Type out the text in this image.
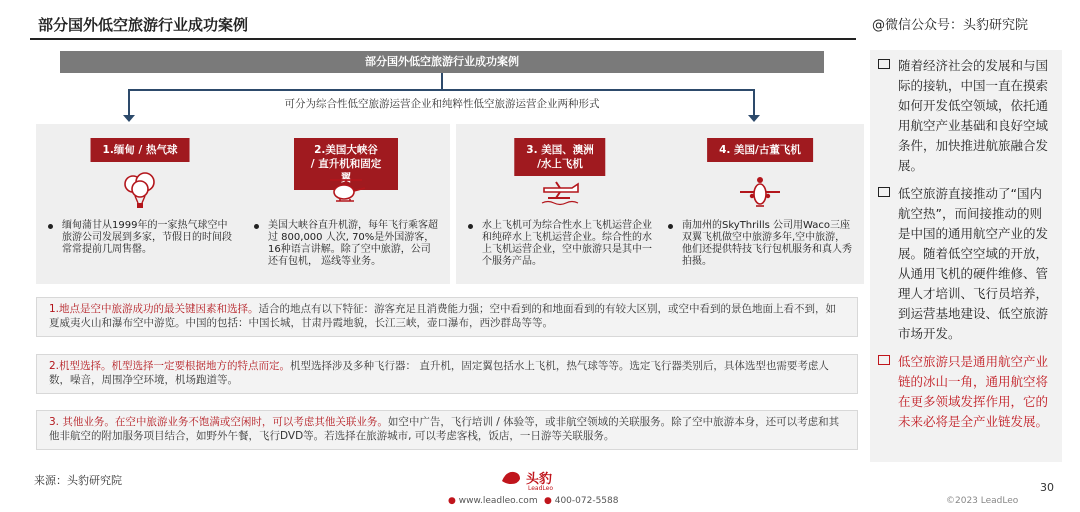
部分国外低空旅游行业成功案例	@微信公众号：头豹研究院
部分国外低空旅游行业成功案例
可分为综合性低空旅游运营企业和纯粹性低空旅游运营企业两种形式
1.缅甸 / 热气球
缅甸蒲甘从1999年的一家热气球空中旅游公司发展到多家，节假日的时间段常常提前几周售罄。
2.美国大峡谷
/ 直升机和固定翼
美国大峡谷直升机游，每年飞行乘客超过 800,000 人次, 70%是外国游客，16种语言讲解。除了空中旅游，公司还有包机， 巡线等业务。
3. 美国、澳洲
/水上飞机
水上飞机可为综合性水上飞机运营企业和纯碎水上飞机运营企业。综合性的水上飞机运营企业，空中旅游只是其中一个服务产品。
4. 美国/古董飞机
南加州的SkyThrills 公司用Waco三座双翼飞机做空中旅游多年,空中旅游，他们还提供特技飞行包机服务和真人秀拍摄。
1.地点是空中旅游成功的最关键因素和选择。适合的地点有以下特征：游客充足且消费能力强；空中看到的和地面看到的有较大区别，或空中看到的景色地面上看不到，如夏威夷火山和瀑布空中游览。中国的包括：中国长城，甘肃丹霞地貌，长江三峡，壶口瀑布，西沙群岛等等。
2.机型选择。机型选择一定要根据地方的特点而定。机型选择涉及多种飞行器： 直升机，固定翼包括水上飞机，热气球等等。选定飞行器类别后，具体选型也需要考虑人数，噪音，周围净空环境，机场跑道等。
3. 其他业务。在空中旅游业务不饱满或空闲时，可以考虑其他关联业务。如空中广告，飞行培训 / 体验等，或非航空领域的关联服务。除了空中旅游本身，还可以考虑和其他非航空的附加服务项目结合，如野外午餐，飞行DVD等。若选择在旅游城市, 可以考虑客栈，饭店，一日游等关联服务。
随着经济社会的发展和与国际的接轨，中国一直在摸索如何开发低空领域，依托通用航空产业基础和良好空域条件，加快推进航旅融合发展。
低空旅游直接推动了“国内航空热”，而间接推动的则是中国的通用航空产业的发展。随着低空空域的开放，从通用飞机的硬件维修、管理人才培训、飞行员培养，到运营基地建设、低空旅游市场开发。
低空旅游只是通用航空产业链的冰山一角，通用航空将在更多领域发挥作用，它的未来必将是全产业链发展。
来源：头豹研究院	头豹
LeadLeo
● www.leadleo.com ● 400-072-5588	©2023 LeadLeo
30
